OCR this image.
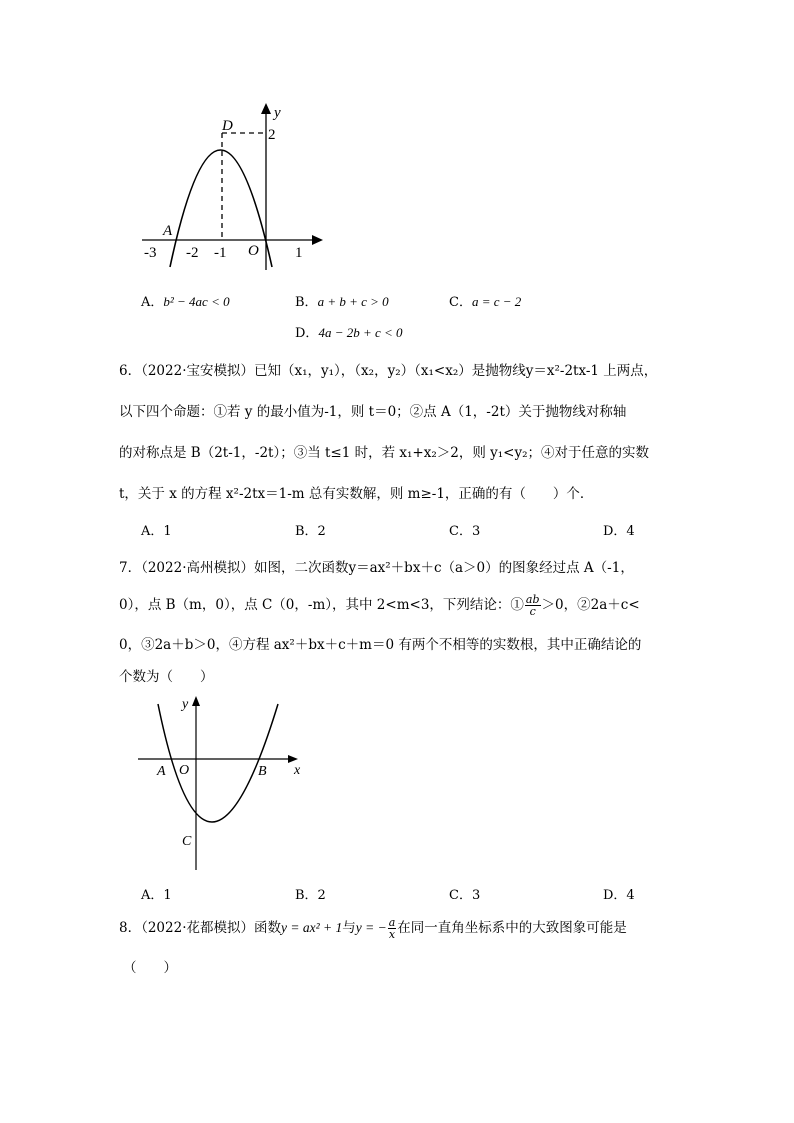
y
D
2
A
O
-3 -2 -1	1
A．b² − 4ac < 0	B．a + b + c > 0	C．a = c − 2
D．4a − 2b + c < 0
6．（2022·宝安模拟）已知（x₁，y₁），（x₂，y₂）（x₁<x₂）是抛物线y＝x²-2tx-1 上两点，
以下四个命题：①若 y 的最小值为-1，则 t＝0；②点 A（1，-2t）关于抛物线对称轴
的对称点是 B（2t-1，-2t）；③当 t≤1 时，若 x₁+x₂＞2，则 y₁<y₂；④对于任意的实数
t，关于 x 的方程 x²-2tx＝1-m 总有实数解，则 m≥-1，正确的有（　　）个．
A．1	B．2	C．3	D．4
7．（2022·高州模拟）如图，二次函数y＝ax²＋bx＋c（a＞0）的图象经过点 A（-1，
0），点 B（m，0），点 C（0，-m），其中 2<m<3，下列结论：① $\frac{ab}{c} >0$，②2a＋c<
0，③2a＋b＞0，④方程 ax²＋bx＋c＋m＝0 有两个不相等的实数根，其中正确结论的
个数为（　　）
y
x
A O	B
C
A．1	B．2	C．3	D．4
8．（2022·花都模拟）函数y = ax² + 1与y = − $\frac{a}{x}$ 在同一直角坐标系中的大致图象可能是
（　　）
